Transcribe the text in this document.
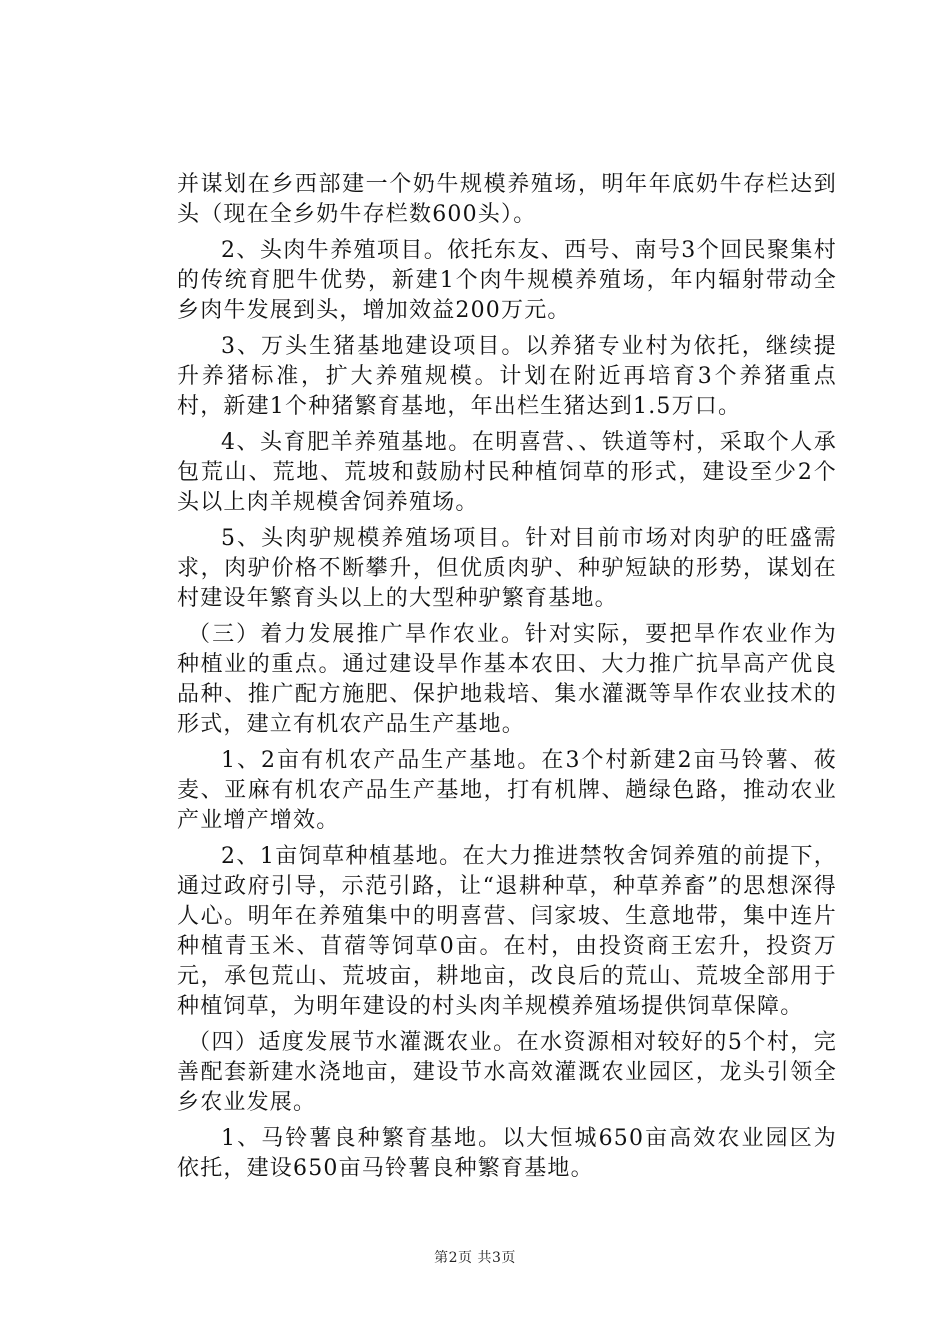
并谋划在乡西部建一个奶牛规模养殖场，明年年底奶牛存栏达到头（现在全乡奶牛存栏数600头）。

2、头肉牛养殖项目。依托东友、西号、南号3个回民聚集村的传统育肥牛优势，新建1个肉牛规模养殖场，年内辐射带动全乡肉牛发展到头，增加效益200万元。

3、万头生猪基地建设项目。以养猪专业村为依托，继续提升养猪标准，扩大养殖规模。计划在附近再培育3个养猪重点村，新建1个种猪繁育基地，年出栏生猪达到1.5万口。

4、头育肥羊养殖基地。在明喜营、、铁道等村，采取个人承包荒山、荒地、荒坡和鼓励村民种植饲草的形式，建设至少2个头以上肉羊规模舍饲养殖场。

5、头肉驴规模养殖场项目。针对目前市场对肉驴的旺盛需求，肉驴价格不断攀升，但优质肉驴、种驴短缺的形势，谋划在村建设年繁育头以上的大型种驴繁育基地。

（三）着力发展推广旱作农业。针对实际，要把旱作农业作为种植业的重点。通过建设旱作基本农田、大力推广抗旱高产优良品种、推广配方施肥、保护地栽培、集水灌溉等旱作农业技术的形式，建立有机农产品生产基地。

1、2亩有机农产品生产基地。在3个村新建2亩马铃薯、莜麦、亚麻有机农产品生产基地，打有机牌、趟绿色路，推动农业产业增产增效。

2、1亩饲草种植基地。在大力推进禁牧舍饲养殖的前提下，通过政府引导，示范引路，让“退耕种草，种草养畜”的思想深得人心。明年在养殖集中的明喜营、闫家坡、生意地带，集中连片种植青玉米、苜蓿等饲草0亩。在村，由投资商王宏升，投资万元，承包荒山、荒坡亩，耕地亩，改良后的荒山、荒坡全部用于种植饲草，为明年建设的村头肉羊规模养殖场提供饲草保障。

（四）适度发展节水灌溉农业。在水资源相对较好的5个村，完善配套新建水浇地亩，建设节水高效灌溉农业园区，龙头引领全乡农业发展。

1、马铃薯良种繁育基地。以大恒城650亩高效农业园区为依托，建设650亩马铃薯良种繁育基地。

第2页 共3页
